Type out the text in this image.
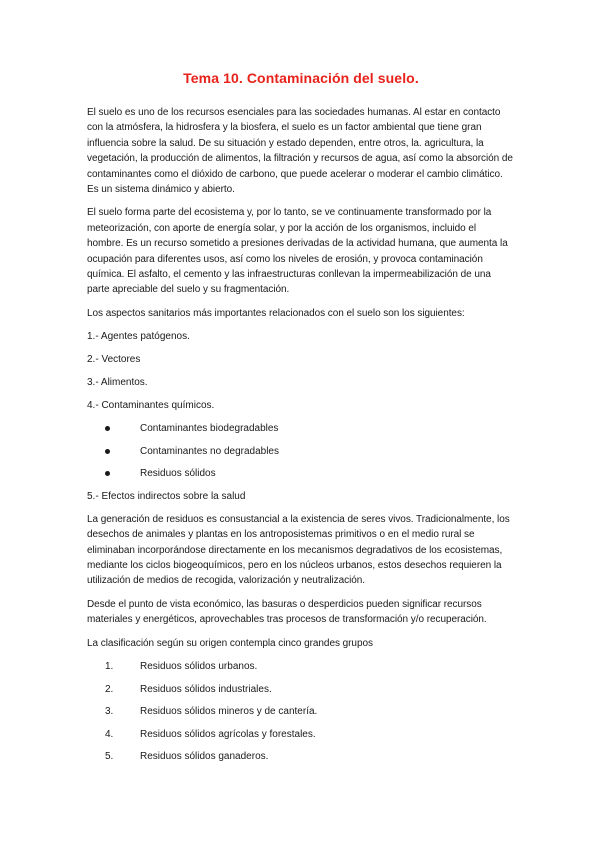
Tema 10. Contaminación del suelo.

El suelo es uno de los recursos esenciales para las sociedades humanas. Al estar en contacto con la atmósfera, la hidrosfera y la biosfera, el suelo es un factor ambiental que tiene gran influencia sobre la salud. De su situación y estado dependen, entre otros, la. agricultura, la vegetación, la producción de alimentos, la filtración y recursos de agua, así como la absorción de contaminantes como el dióxido de carbono, que puede acelerar o moderar el cambio climático. Es un sistema dinámico y abierto.

El suelo forma parte del ecosistema y, por lo tanto, se ve continuamente transformado por la meteorización, con aporte de energía solar, y por la acción de los organismos, incluido el hombre. Es un recurso sometido a presiones derivadas de la actividad humana, que aumenta la ocupación para diferentes usos, así como los niveles de erosión, y provoca contaminación química. El asfalto, el cemento y las infraestructuras conllevan la impermeabilización de una parte apreciable del suelo y su fragmentación.

Los aspectos sanitarios más importantes relacionados con el suelo son los siguientes:

1.- Agentes patógenos.
2.- Vectores
3.- Alimentos.
4.- Contaminantes químicos.
Contaminantes biodegradables
Contaminantes no degradables
Residuos sólidos
5.- Efectos indirectos sobre la salud

La generación de residuos es consustancial a la existencia de seres vivos. Tradicionalmente, los desechos de animales y plantas en los antroposistemas primitivos o en el medio rural se eliminaban incorporándose directamente en los mecanismos degradativos de los ecosistemas, mediante los ciclos biogeoquímicos, pero en los núcleos urbanos, estos desechos requieren la utilización de medios de recogida, valorización y neutralización.

Desde el punto de vista económico, las basuras o desperdicios pueden significar recursos materiales y energéticos, aprovechables tras procesos de transformación y/o recuperación.

La clasificación según su origen contempla cinco grandes grupos

1.	Residuos sólidos urbanos.
2.	Residuos sólidos industriales.
3.	Residuos sólidos mineros y de cantería.
4.	Residuos sólidos agrícolas y forestales.
5.	Residuos sólidos ganaderos.
